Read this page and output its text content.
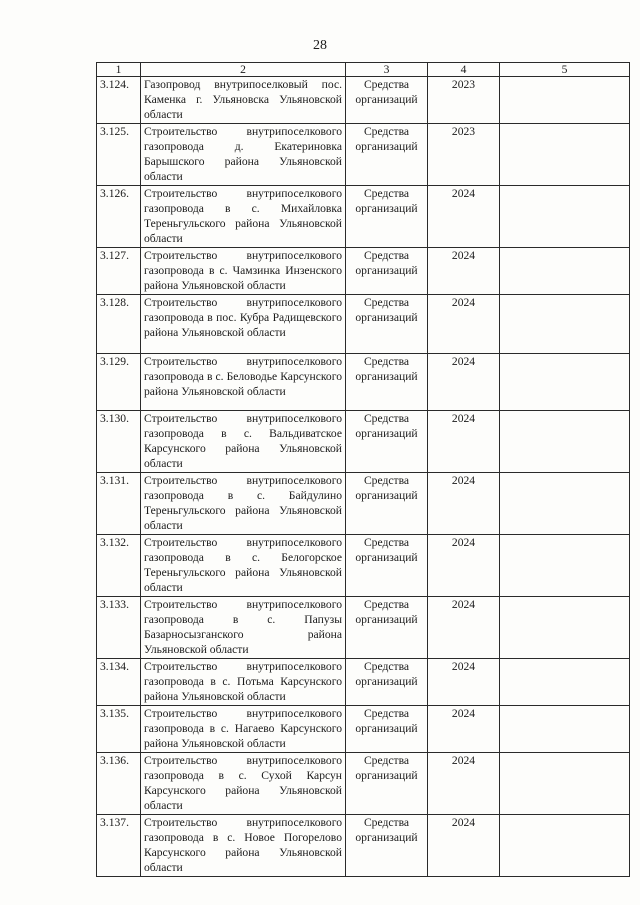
28
1	2	3	4	5
3.124.	Газопровод внутрипоселковый пос. Каменка г. Ульяновска Ульяновской области	Средства организаций	2023	
3.125.	Строительство внутрипоселкового газопровода д. Екатериновка Барышского района Ульяновской области	Средства организаций	2023	
3.126.	Строительство внутрипоселкового газопровода в с. Михайловка Тереньгульского района Ульяновской области	Средства организаций	2024	
3.127.	Строительство внутрипоселкового газопровода в с. Чамзинка Инзенского района Ульяновской области	Средства организаций	2024	
3.128.	Строительство внутрипоселкового газопровода в пос. Кубра Радищевского района Ульяновской области	Средства организаций	2024	
3.129.	Строительство внутрипоселкового газопровода в с. Беловодье Карсунского района Ульяновской области	Средства организаций	2024	
3.130.	Строительство внутрипоселкового газопровода в с. Вальдиватское Карсунского района Ульяновской области	Средства организаций	2024	
3.131.	Строительство внутрипоселкового газопровода в с. Байдулино Тереньгульского района Ульяновской области	Средства организаций	2024	
3.132.	Строительство внутрипоселкового газопровода в с. Белогорское Тереньгульского района Ульяновской области	Средства организаций	2024	
3.133.	Строительство внутрипоселкового газопровода в с. Папузы Базарносызганского района Ульяновской области	Средства организаций	2024	
3.134.	Строительство внутрипоселкового газопровода в с. Потьма Карсунского района Ульяновской области	Средства организаций	2024	
3.135.	Строительство внутрипоселкового газопровода в с. Нагаево Карсунского района Ульяновской области	Средства организаций	2024	
3.136.	Строительство внутрипоселкового газопровода в с. Сухой Карсун Карсунского района Ульяновской области	Средства организаций	2024	
3.137.	Строительство внутрипоселкового газопровода в с. Новое Погорелово Карсунского района Ульяновской области	Средства организаций	2024	
